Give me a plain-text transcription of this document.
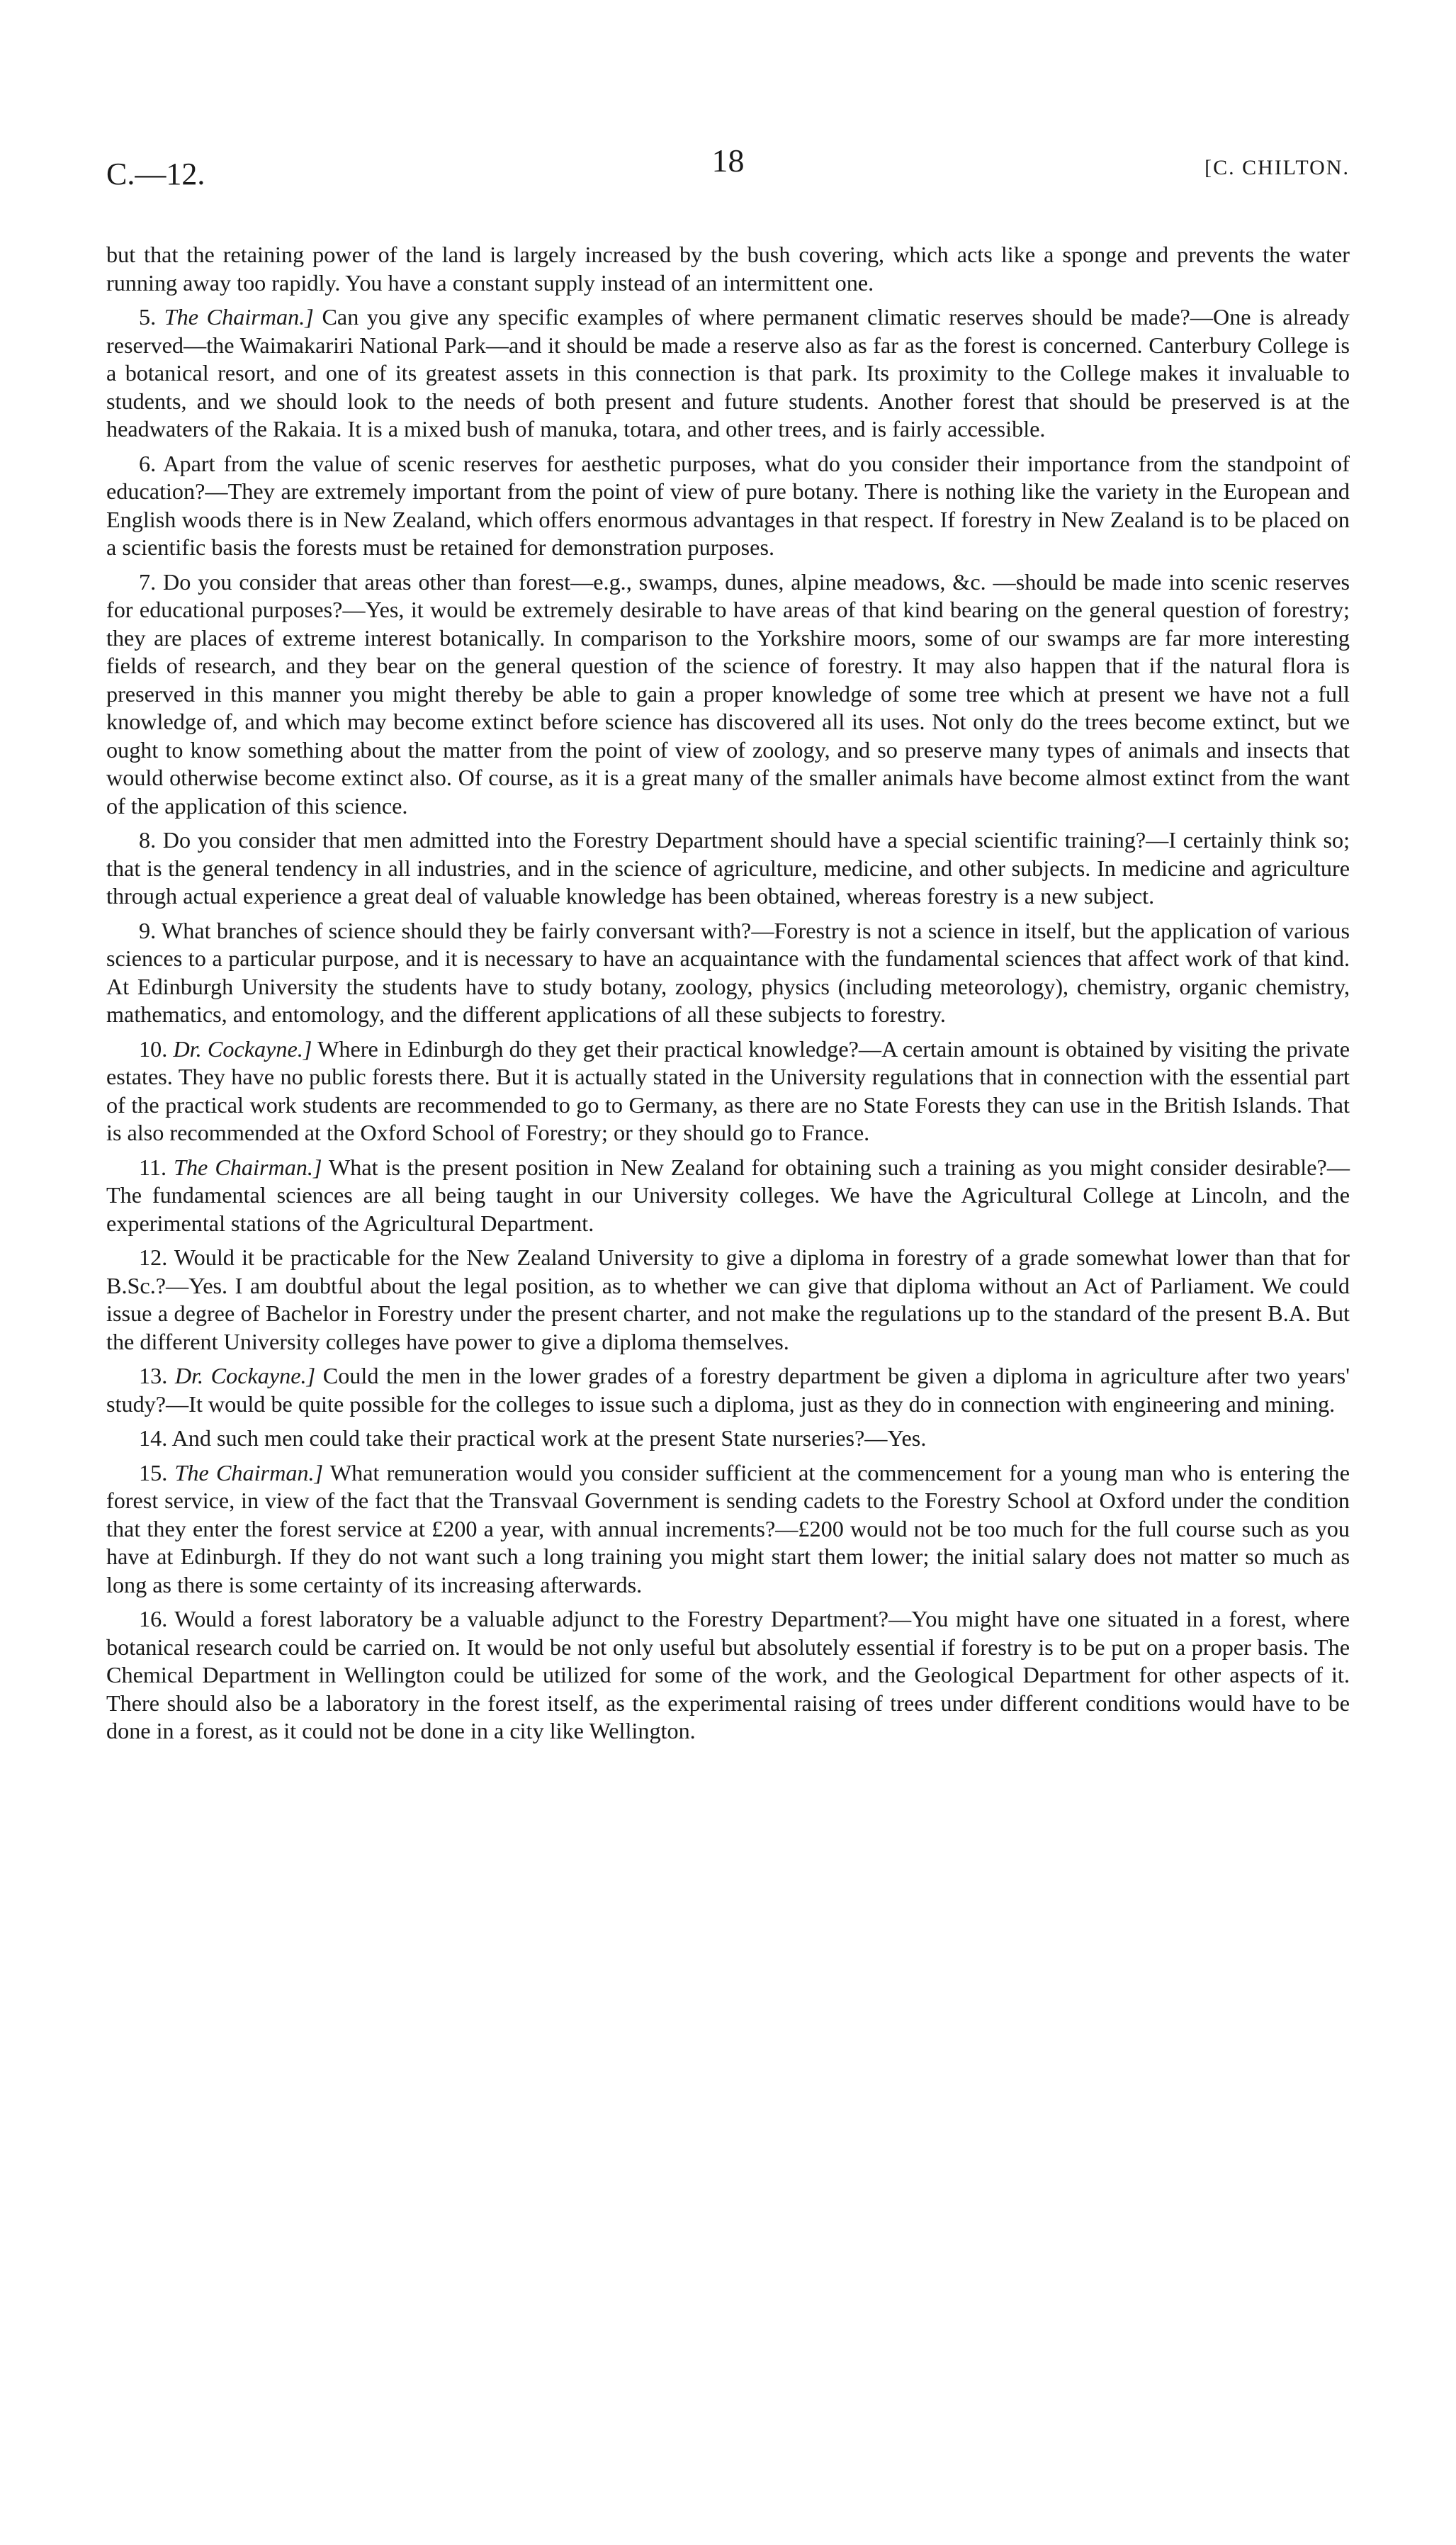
C.—12.	18	[C. CHILTON.

but that the retaining power of the land is largely increased by the bush covering, which acts like a sponge and prevents the water running away too rapidly. You have a constant supply instead of an intermittent one.

5. The Chairman.] Can you give any specific examples of where permanent climatic reserves should be made?—One is already reserved—the Waimakariri National Park—and it should be made a reserve also as far as the forest is concerned. Canterbury College is a botanical resort, and one of its greatest assets in this connection is that park. Its proximity to the College makes it invaluable to students, and we should look to the needs of both present and future students. Another forest that should be preserved is at the headwaters of the Rakaia. It is a mixed bush of manuka, totara, and other trees, and is fairly accessible.

6. Apart from the value of scenic reserves for aesthetic purposes, what do you consider their importance from the standpoint of education?—They are extremely important from the point of view of pure botany. There is nothing like the variety in the European and English woods there is in New Zealand, which offers enormous advantages in that respect. If forestry in New Zealand is to be placed on a scientific basis the forests must be retained for demonstration purposes.

7. Do you consider that areas other than forest—e.g., swamps, dunes, alpine meadows, &c. —should be made into scenic reserves for educational purposes?—Yes, it would be extremely desirable to have areas of that kind bearing on the general question of forestry; they are places of extreme interest botanically. In comparison to the Yorkshire moors, some of our swamps are far more interesting fields of research, and they bear on the general question of the science of forestry. It may also happen that if the natural flora is preserved in this manner you might thereby be able to gain a proper knowledge of some tree which at present we have not a full knowledge of, and which may become extinct before science has discovered all its uses. Not only do the trees become extinct, but we ought to know something about the matter from the point of view of zoology, and so preserve many types of animals and insects that would otherwise become extinct also. Of course, as it is a great many of the smaller animals have become almost extinct from the want of the application of this science.

8. Do you consider that men admitted into the Forestry Department should have a special scientific training?—I certainly think so; that is the general tendency in all industries, and in the science of agriculture, medicine, and other subjects. In medicine and agriculture through actual experience a great deal of valuable knowledge has been obtained, whereas forestry is a new subject.

9. What branches of science should they be fairly conversant with?—Forestry is not a science in itself, but the application of various sciences to a particular purpose, and it is necessary to have an acquaintance with the fundamental sciences that affect work of that kind. At Edinburgh University the students have to study botany, zoology, physics (including meteorology), chemistry, organic chemistry, mathematics, and entomology, and the different applications of all these subjects to forestry.

10. Dr. Cockayne.] Where in Edinburgh do they get their practical knowledge?—A certain amount is obtained by visiting the private estates. They have no public forests there. But it is actually stated in the University regulations that in connection with the essential part of the practical work students are recommended to go to Germany, as there are no State Forests they can use in the British Islands. That is also recommended at the Oxford School of Forestry; or they should go to France.

11. The Chairman.] What is the present position in New Zealand for obtaining such a training as you might consider desirable?—The fundamental sciences are all being taught in our University colleges. We have the Agricultural College at Lincoln, and the experimental stations of the Agricultural Department.

12. Would it be practicable for the New Zealand University to give a diploma in forestry of a grade somewhat lower than that for B.Sc.?—Yes. I am doubtful about the legal position, as to whether we can give that diploma without an Act of Parliament. We could issue a degree of Bachelor in Forestry under the present charter, and not make the regulations up to the standard of the present B.A. But the different University colleges have power to give a diploma themselves.

13. Dr. Cockayne.] Could the men in the lower grades of a forestry department be given a diploma in agriculture after two years' study?—It would be quite possible for the colleges to issue such a diploma, just as they do in connection with engineering and mining.

14. And such men could take their practical work at the present State nurseries?—Yes.

15. The Chairman.] What remuneration would you consider sufficient at the commencement for a young man who is entering the forest service, in view of the fact that the Transvaal Government is sending cadets to the Forestry School at Oxford under the condition that they enter the forest service at £200 a year, with annual increments?—£200 would not be too much for the full course such as you have at Edinburgh. If they do not want such a long training you might start them lower; the initial salary does not matter so much as long as there is some certainty of its increasing afterwards.

16. Would a forest laboratory be a valuable adjunct to the Forestry Department?—You might have one situated in a forest, where botanical research could be carried on. It would be not only useful but absolutely essential if forestry is to be put on a proper basis. The Chemical Department in Wellington could be utilized for some of the work, and the Geological Department for other aspects of it. There should also be a laboratory in the forest itself, as the experimental raising of trees under different conditions would have to be done in a forest, as it could not be done in a city like Wellington.
